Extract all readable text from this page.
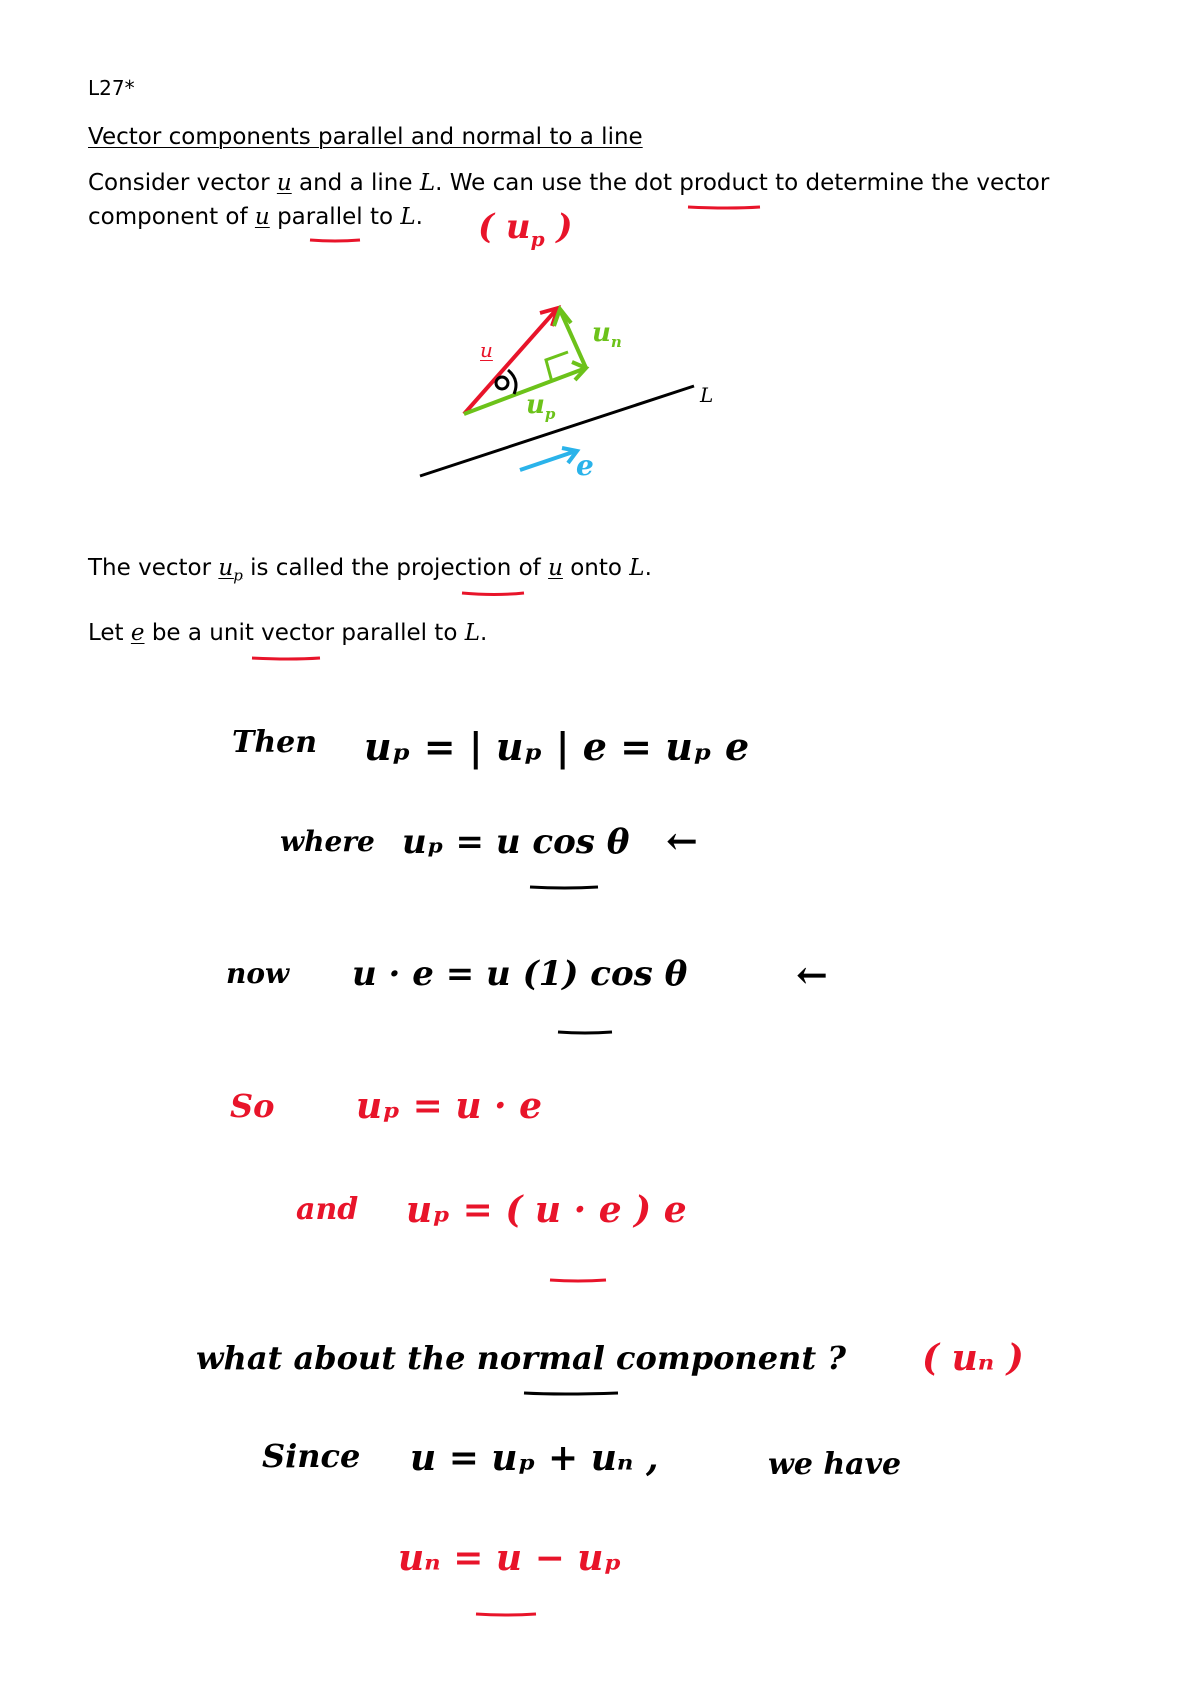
L27*
Vector components parallel and normal to a line
Consider vector u and a line L. We can use the dot product to determine the vector
component of u parallel to L. ( $u_p$ )
u
L
$u_n$
$u_p$
e
The vector $u_p$ is called the projection of u onto L.
Let e be a unit vector parallel to L.
Then uₚ = | uₚ | e = uₚ e
where uₚ = u cos θ ←
now u · e = u (1) cos θ	←
So uₚ = u · e
and uₚ = ( u · e ) e
what about the normal component ? ( uₙ )
Since u = uₚ + uₙ ,	we have
uₙ = u − uₚ
